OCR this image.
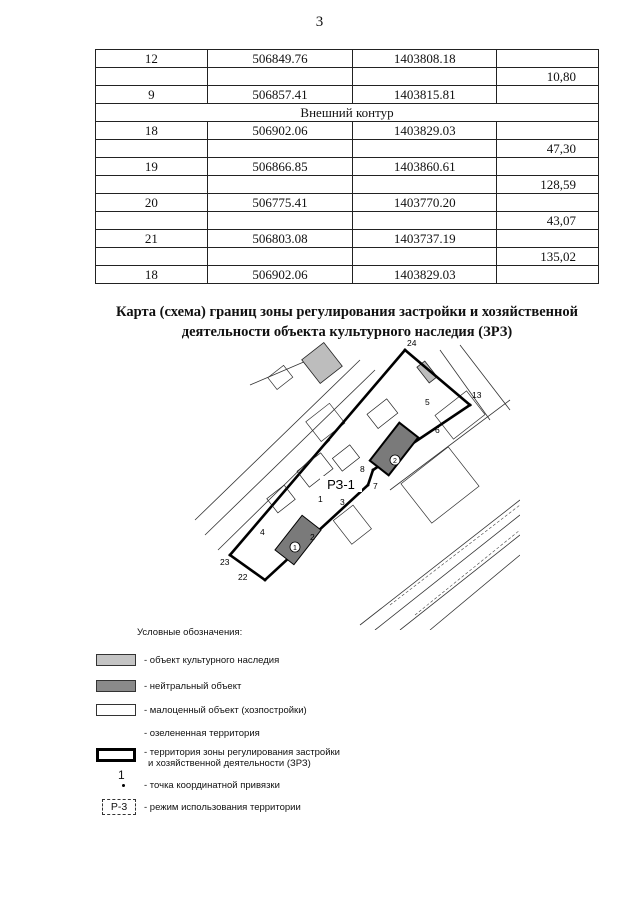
3
12	506849.76	1403808.18	
			10,80
9	506857.41	1403815.81	
Внешний контур			
18	506902.06	1403829.03	
			47,30
19	506866.85	1403860.61	
			128,59
20	506775.41	1403770.20	
			43,07
21	506803.08	1403737.19	
			135,02
18	506902.06	1403829.03	
Карта (схема) границ зоны регулирования застройки и хозяйственной
деятельности объекта культурного наследия (ЗРЗ)
2
1
РЗ-1
24
13
5
6
8
7
1
2
3
4
23
22
Условные обозначения:
- объект культурного наследия
- нейтральный объект
- малоценный объект (хозпостройки)
- озелененная территория
- территория зоны регулирования застройки
и хозяйственной деятельности (ЗРЗ)
1
- точка координатной привязки
Р-3	- режим использования территории
